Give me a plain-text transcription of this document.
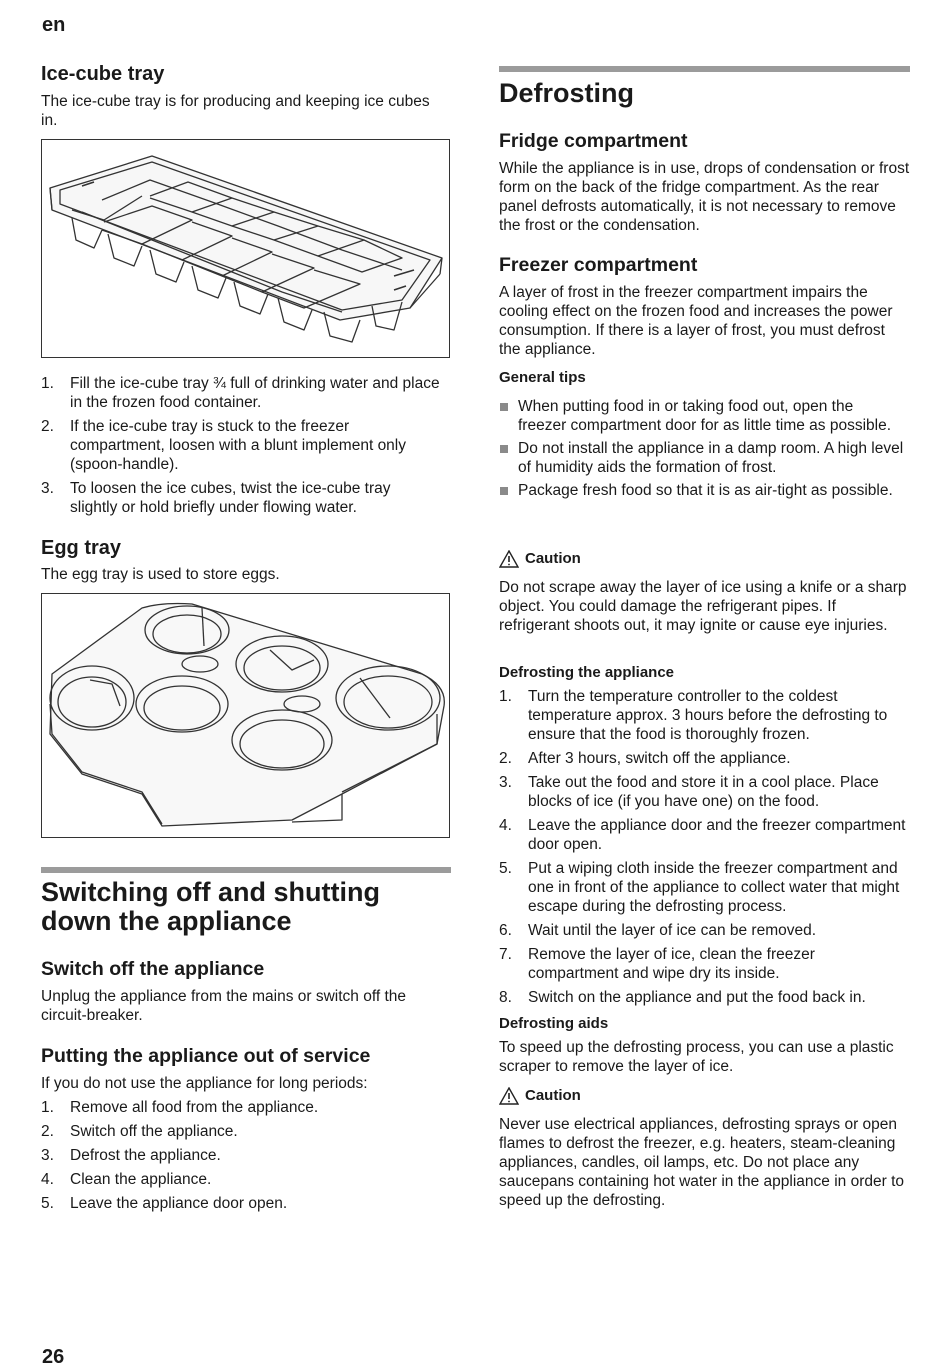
en
Ice-cube tray

The ice-cube tray is for producing and keeping ice cubes in.

1. Fill the ice-cube tray ¾ full of drinking water and place in the frozen food container.
2. If the ice-cube tray is stuck to the freezer compartment, loosen with a blunt implement only (spoon-handle).
3. To loosen the ice cubes, twist the ice-cube tray slightly or hold briefly under flowing water.
Egg tray

The egg tray is used to store eggs.

Switching off and shutting down the appliance
Switch off the appliance

Unplug the appliance from the mains or switch off the circuit-breaker.

Putting the appliance out of service

If you do not use the appliance for long periods:

1. Remove all food from the appliance.
2. Switch off the appliance.
3. Defrost the appliance.
4. Clean the appliance.
5. Leave the appliance door open.
Defrosting
Fridge compartment

While the appliance is in use, drops of condensation or frost form on the back of the fridge compartment. As the rear panel defrosts automatically, it is not necessary to remove the frost or the condensation.

Freezer compartment

A layer of frost in the freezer compartment impairs the cooling effect on the frozen food and increases the power consumption. If there is a layer of frost, you must defrost the appliance.

General tips
When putting food in or taking food out, open the freezer compartment door for as little time as possible.
Do not install the appliance in a damp room. A high level of humidity aids the formation of frost.
Package fresh food so that it is as air-tight as possible.
Caution

Do not scrape away the layer of ice using a knife or a sharp object. You could damage the refrigerant pipes. If refrigerant shoots out, it may ignite or cause eye injuries.

Defrosting the appliance
1. Turn the temperature controller to the coldest temperature approx. 3 hours before the defrosting to ensure that the food is thoroughly frozen.
2. After 3 hours, switch off the appliance.
3. Take out the food and store it in a cool place. Place blocks of ice (if you have one) on the food.
4. Leave the appliance door and the freezer compartment door open.
5. Put a wiping cloth inside the freezer compartment and one in front of the appliance to collect water that might escape during the defrosting process.
6. Wait until the layer of ice can be removed.
7. Remove the layer of ice, clean the freezer compartment and wipe dry its inside.
8. Switch on the appliance and put the food back in.
Defrosting aids

To speed up the defrosting process, you can use a plastic scraper to remove the layer of ice.

Caution

Never use electrical appliances, defrosting sprays or open flames to defrost the freezer, e.g. heaters, steam-cleaning appliances, candles, oil lamps, etc. Do not place any saucepans containing hot water in the appliance in order to speed up the defrosting.

26
